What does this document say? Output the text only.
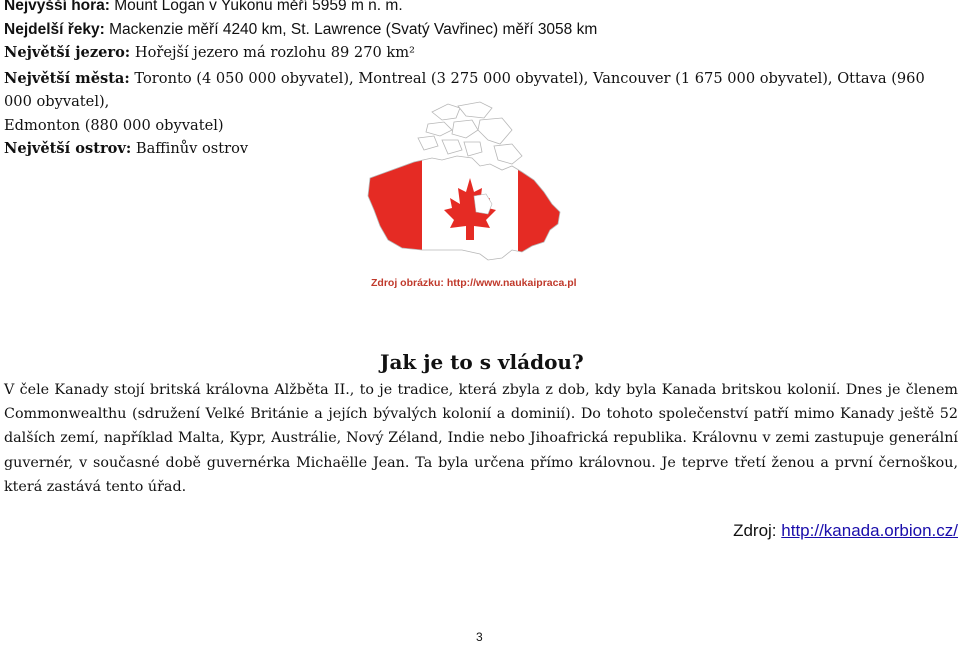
Nejvyšší hora: Mount Logan v Yukonu měří 5959 m n. m.
Nejdelší řeky: Mackenzie měří 4240 km, St. Lawrence (Svatý Vavřinec) měří 3058 km
Největší jezero: Hořejší jezero má rozlohu 89 270 km²
Největší města: Toronto (4 050 000 obyvatel), Montreal (3 275 000 obyvatel), Vancouver (1 675 000 obyvatel), Ottava (960
000 obyvatel),
Edmonton (880 000 obyvatel)
Největší ostrov: Baffinův ostrov
Zdroj obrázku: http://www.naukaipraca.pl
Jak je to s vládou?

V čele Kanady stojí britská královna Alžběta II., to je tradice, která zbyla z dob, kdy byla Kanada britskou kolonií. Dnes je členem Commonwealthu (sdružení Velké Británie a jejích bývalých kolonií a dominií). Do tohoto společenství patří mimo Kanady ještě 52 dalších zemí, například Malta, Kypr, Austrálie, Nový Zéland, Indie nebo Jihoafrická republika. Královnu v zemi zastupuje generální guvernér, v současné době guvernérka Michaëlle Jean. Ta byla určena přímo královnou. Je teprve třetí ženou a první černoškou, která zastává tento úřad.

Zdroj: http://kanada.orbion.cz/
3
